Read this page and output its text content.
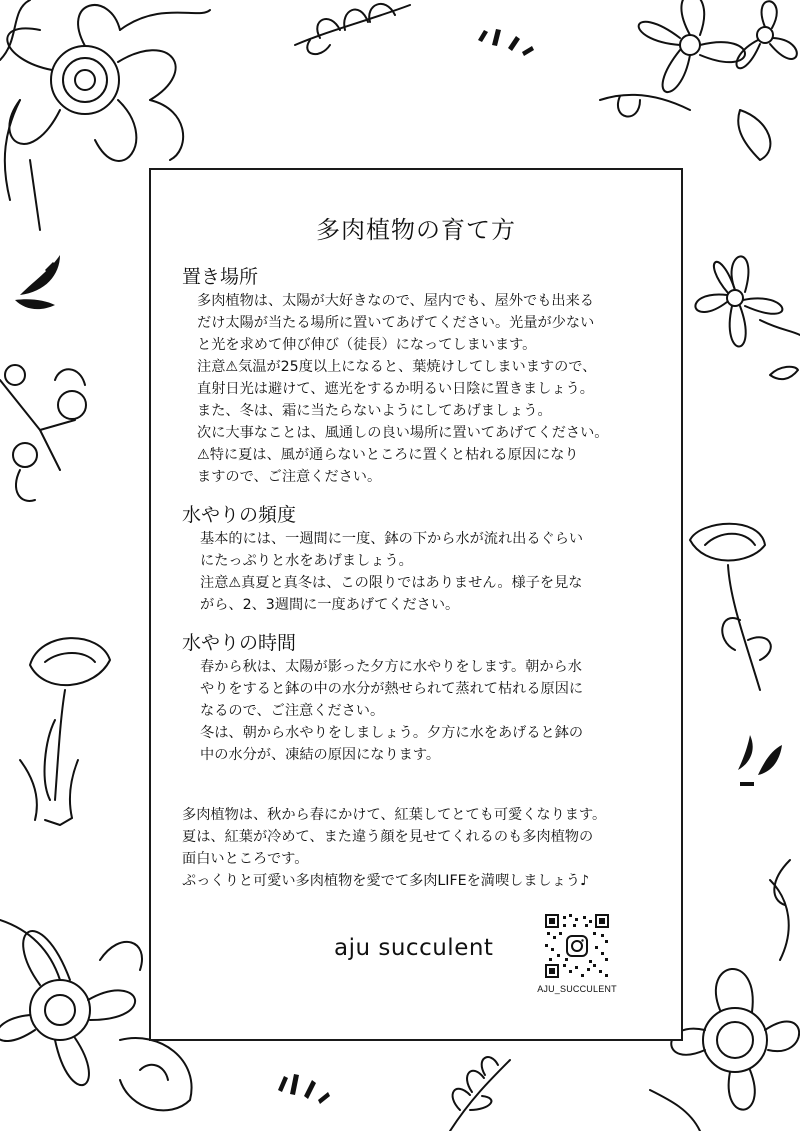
多肉植物の育て方
置き場所

多肉植物は、太陽が大好きなので、屋内でも、屋外でも出来る
だけ太陽が当たる場所に置いてあげてください。光量が少ない
と光を求めて伸び伸び（徒長）になってしまいます。
注意⚠気温が25度以上になると、葉焼けしてしまいますので、
直射日光は避けて、遮光をするか明るい日陰に置きましょう。
また、冬は、霜に当たらないようにしてあげましょう。
次に大事なことは、風通しの良い場所に置いてあげてください。
⚠特に夏は、風が通らないところに置くと枯れる原因になり
ますので、ご注意ください。

水やりの頻度

基本的には、一週間に一度、鉢の下から水が流れ出るぐらい
にたっぷりと水をあげましょう。
注意⚠真夏と真冬は、この限りではありません。様子を見な
がら、2、3週間に一度あげてください。

水やりの時間

春から秋は、太陽が影った夕方に水やりをします。朝から水
やりをすると鉢の中の水分が熱せられて蒸れて枯れる原因に
なるので、ご注意ください。
冬は、朝から水やりをしましょう。夕方に水をあげると鉢の
中の水分が、凍結の原因になります。

多肉植物は、秋から春にかけて、紅葉してとても可愛くなります。
夏は、紅葉が冷めて、また違う顔を見せてくれるのも多肉植物の
面白いところです。
ぷっくりと可愛い多肉植物を愛でて多肉LIFEを満喫しましょう♪

aju succulent
AJU_SUCCULENT
